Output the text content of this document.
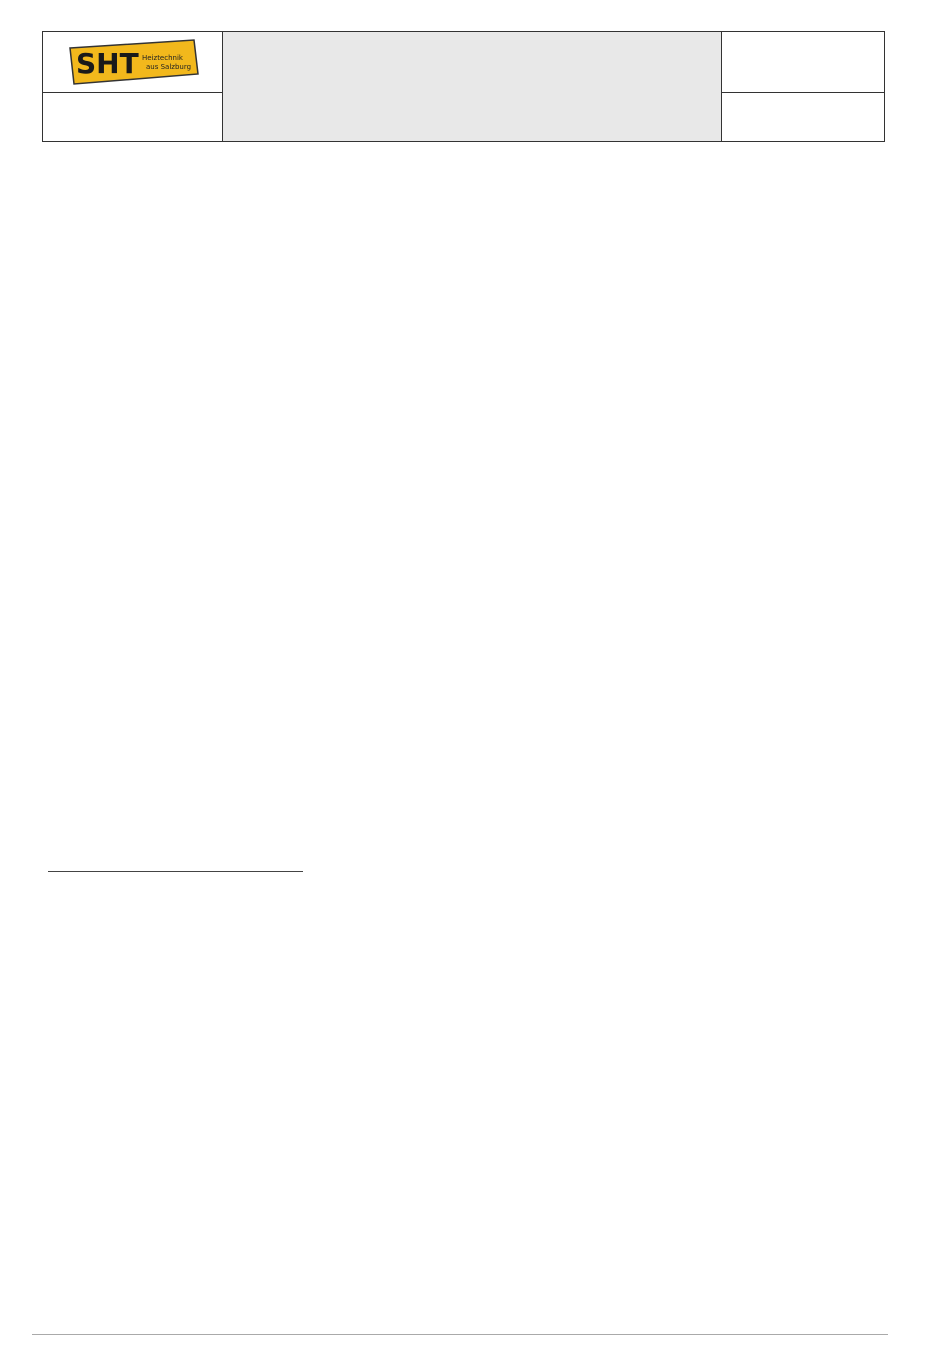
SHT Heiztechnik
aus Salzburg
